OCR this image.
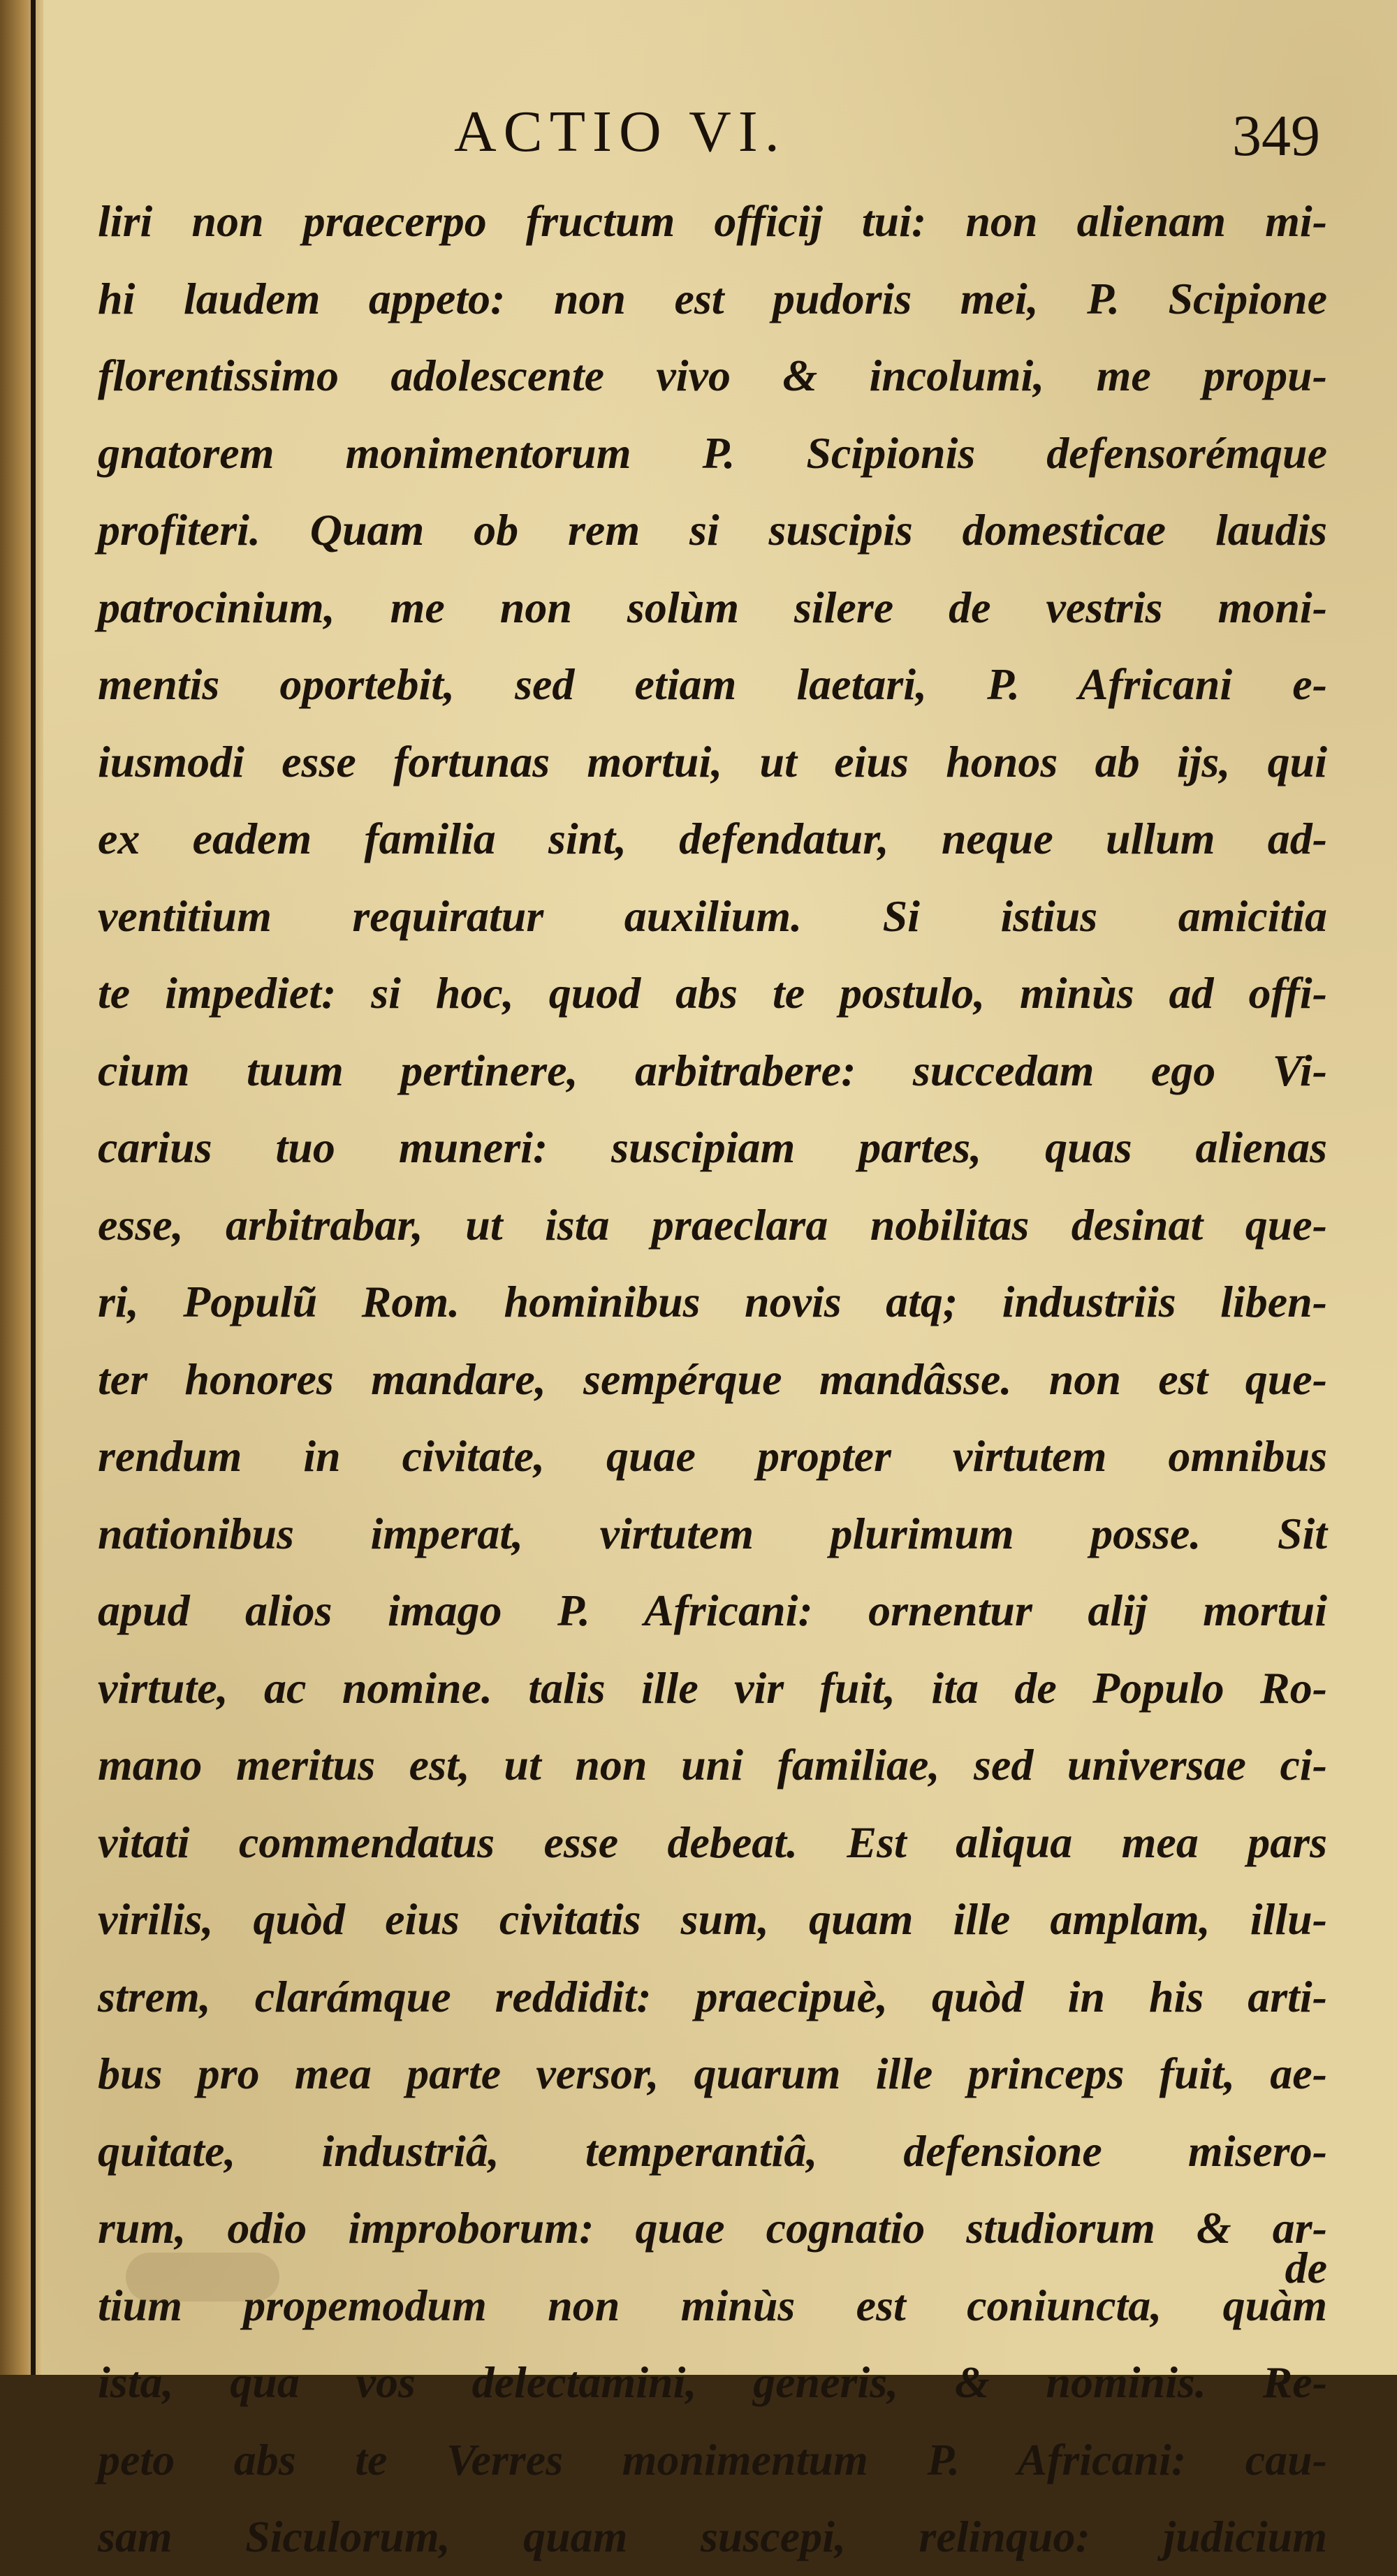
ACTIO VI.	349
liri non praecerpo fructum officij tui: non alienam mi-
hi laudem appeto: non est pudoris mei, P. Scipione
florentissimo adolescente vivo & incolumi, me propu-
gnatorem monimentorum P. Scipionis defensorémque
profiteri. Quam ob rem si suscipis domesticae laudis
patrocinium, me non solùm silere de vestris moni-
mentis oportebit, sed etiam laetari, P. Africani e-
iusmodi esse fortunas mortui, ut eius honos ab ijs, qui
ex eadem familia sint, defendatur, neque ullum ad-
ventitium requiratur auxilium. Si istius amicitia
te impediet: si hoc, quod abs te postulo, minùs ad offi-
cium tuum pertinere, arbitrabere: succedam ego Vi-
carius tuo muneri: suscipiam partes, quas alienas
esse, arbitrabar, ut ista praeclara nobilitas desinat que-
ri, Populũ Rom. hominibus novis atq; industriis liben-
ter honores mandare, sempérque mandâsse. non est que-
rendum in civitate, quae propter virtutem omnibus
nationibus imperat, virtutem plurimum posse. Sit
apud alios imago P. Africani: ornentur alij mortui
virtute, ac nomine. talis ille vir fuit, ita de Populo Ro-
mano meritus est, ut non uni familiae, sed universae ci-
vitati commendatus esse debeat. Est aliqua mea pars
virilis, quòd eius civitatis sum, quam ille amplam, illu-
strem, clarámque reddidit: praecipuè, quòd in his arti-
bus pro mea parte versor, quarum ille princeps fuit, ae-
quitate, industriâ, temperantiâ, defensione misero-
rum, odio improborum: quae cognatio studiorum & ar-
tium propemodum non minùs est coniuncta, quàm
ista, qua vos delectamini, generis, & nominis. Re-
peto abs te Verres monimentum P. Africani: cau-
sam Siculorum, quam suscepi, relinquo: judicium
de
